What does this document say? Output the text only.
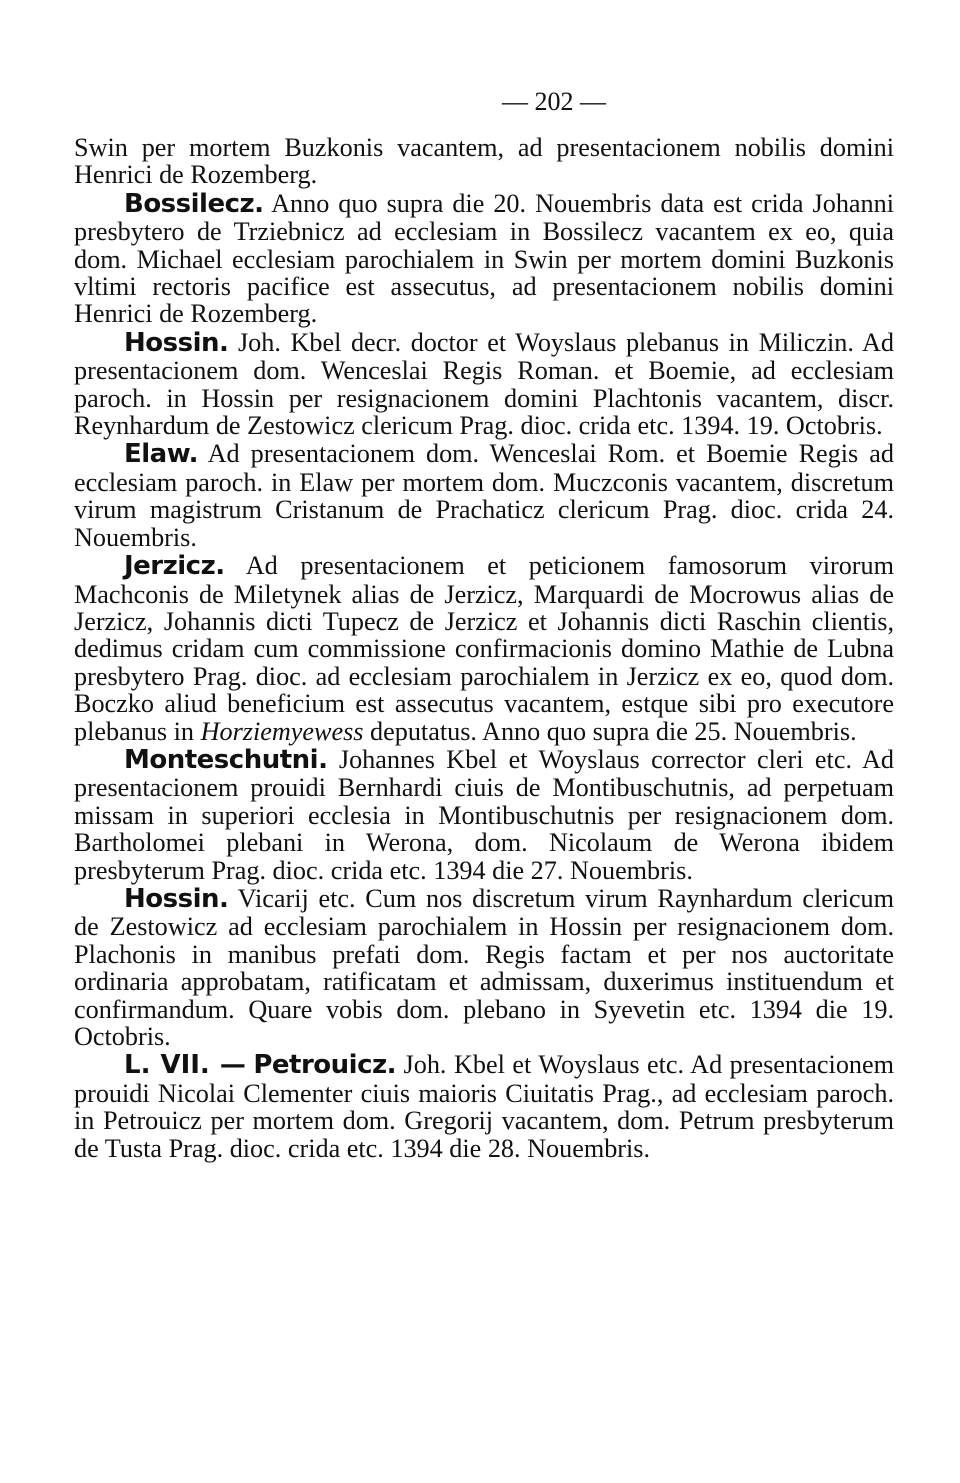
— 202 —

Swin per mortem Buzkonis vacantem, ad presentacionem nobilis domini Henrici de Rozemberg.

Bossilecz. Anno quo supra die 20. Nouembris data est crida Johanni presbytero de Trziebnicz ad ecclesiam in Bossilecz vacantem ex eo, quia dom. Michael ecclesiam parochialem in Swin per mortem domini Buzkonis vltimi rectoris pacifice est assecutus, ad presentacionem nobilis domini Henrici de Rozemberg.

Hossin. Joh. Kbel decr. doctor et Woyslaus plebanus in Miliczin. Ad presentacionem dom. Wenceslai Regis Roman. et Boemie, ad ecclesiam paroch. in Hossin per resignacionem domini Plachtonis vacantem, discr. Reynhardum de Zestowicz clericum Prag. dioc. crida etc. 1394. 19. Octobris.

Elaw. Ad presentacionem dom. Wenceslai Rom. et Boemie Regis ad ecclesiam paroch. in Elaw per mortem dom. Muczconis vacantem, discretum virum magistrum Cristanum de Prachaticz clericum Prag. dioc. crida 24. Nouembris.

Jerzicz. Ad presentacionem et peticionem famosorum virorum Machconis de Miletynek alias de Jerzicz, Marquardi de Mocrowus alias de Jerzicz, Johannis dicti Tupecz de Jerzicz et Johannis dicti Raschin clientis, dedimus cridam cum commissione confirmacionis domino Mathie de Lubna presbytero Prag. dioc. ad ecclesiam parochialem in Jerzicz ex eo, quod dom. Boczko aliud beneficium est assecutus vacantem, estque sibi pro executore plebanus in Horziemyewess deputatus. Anno quo supra die 25. Nouembris.

Monteschutni. Johannes Kbel et Woyslaus corrector cleri etc. Ad presentacionem prouidi Bernhardi ciuis de Montibuschutnis, ad perpetuam missam in superiori ecclesia in Montibuschutnis per resignacionem dom. Bartholomei plebani in Werona, dom. Nicolaum de Werona ibidem presbyterum Prag. dioc. crida etc. 1394 die 27. Nouembris.

Hossin. Vicarij etc. Cum nos discretum virum Raynhardum clericum de Zestowicz ad ecclesiam parochialem in Hossin per resignacionem dom. Plachonis in manibus prefati dom. Regis factam et per nos auctoritate ordinaria approbatam, ratificatam et admissam, duxerimus instituendum et confirmandum. Quare vobis dom. plebano in Syevetin etc. 1394 die 19. Octobris.

L. VII. — Petrouicz. Joh. Kbel et Woyslaus etc. Ad presentacionem prouidi Nicolai Clementer ciuis maioris Ciuitatis Prag., ad ecclesiam paroch. in Petrouicz per mortem dom. Gregorij vacantem, dom. Petrum presbyterum de Tusta Prag. dioc. crida etc. 1394 die 28. Nouembris.
